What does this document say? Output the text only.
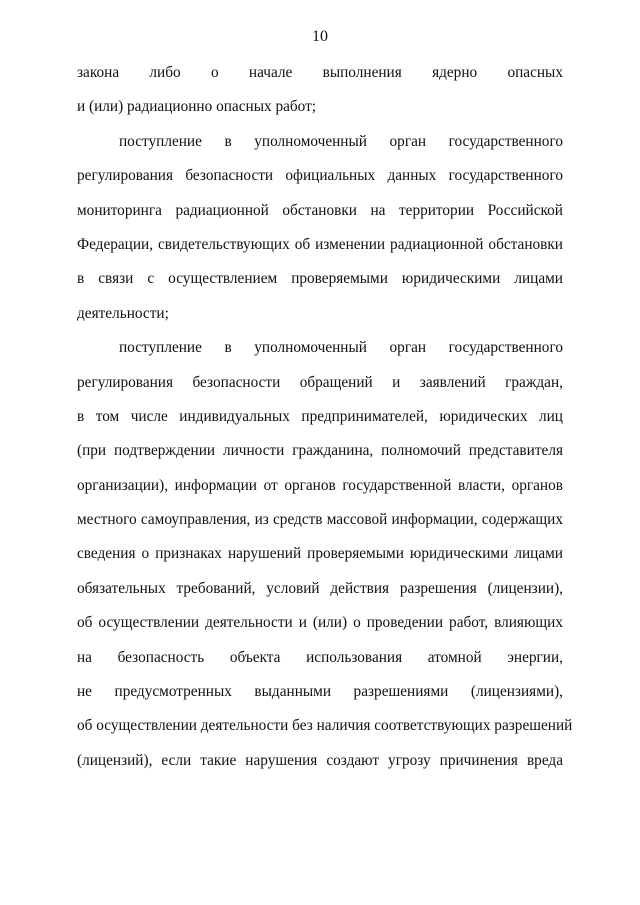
10
закона либо о начале выполнения ядерно опасных
и (или) радиационно опасных работ;
поступление в уполномоченный орган государственного
регулирования безопасности официальных данных государственного
мониторинга радиационной обстановки на территории Российской
Федерации, свидетельствующих об изменении радиационной обстановки
в связи с осуществлением проверяемыми юридическими лицами
деятельности;
поступление в уполномоченный орган государственного
регулирования безопасности обращений и заявлений граждан,
в том числе индивидуальных предпринимателей, юридических лиц
(при подтверждении личности гражданина, полномочий представителя
организации), информации от органов государственной власти, органов
местного самоуправления, из средств массовой информации, содержащих
сведения о признаках нарушений проверяемыми юридическими лицами
обязательных требований, условий действия разрешения (лицензии),
об осуществлении деятельности и (или) о проведении работ, влияющих
на безопасность объекта использования атомной энергии,
не предусмотренных выданными разрешениями (лицензиями),
об осуществлении деятельности без наличия соответствующих разрешений
(лицензий), если такие нарушения создают угрозу причинения вреда
